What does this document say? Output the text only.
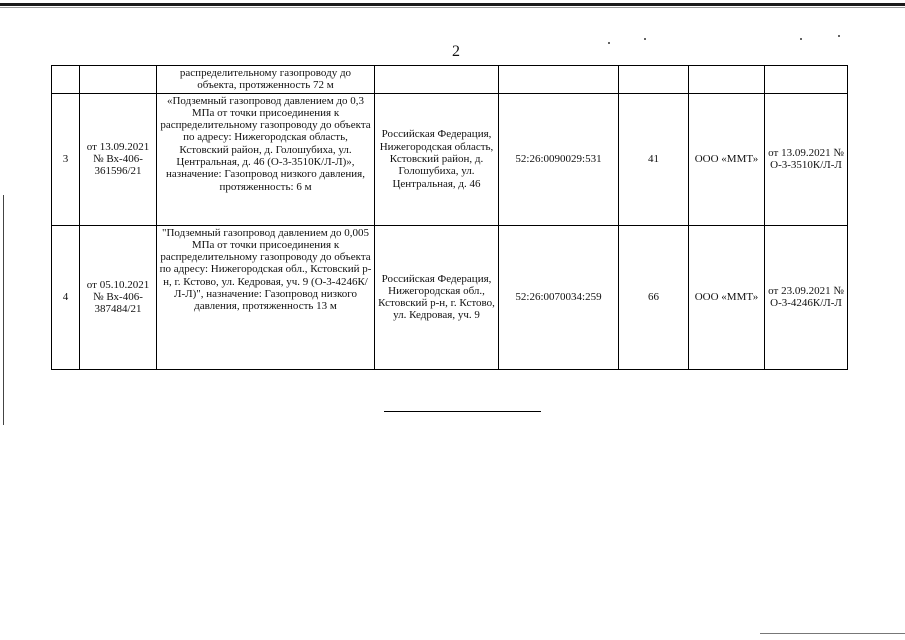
2
		распределительному газопроводу до объекта, протяженность 72 м					
3	от 13.09.2021 № Вх-406-361596/21	«Подземный газопровод давлением до 0,3 МПа от точки присоединения к распределительному газопроводу до объекта по адресу: Нижегородская область, Кстовский район, д. Голошубиха, ул. Центральная, д. 46 (О-3-3510К/Л-Л)», назначение: Газопровод низкого давления, протяженность: 6 м	Российская Федерация, Нижегородская область, Кстовский район, д. Голошубиха, ул. Центральная, д. 46	52:26:0090029:531	41	ООО «ММТ»	от 13.09.2021 № О-3-3510К/Л-Л
4	от 05.10.2021 № Вх-406-387484/21	"Подземный газопровод давлением до 0,005 МПа от точки присоединения к распределительному газопроводу до объекта по адресу: Нижегородская обл., Кстовский р-н, г. Кстово, ул. Кедровая, уч. 9 (О-3-4246К/Л-Л)", назначение: Газопровод низкого давления, протяженность 13 м	Российская Федерация, Нижегородская обл., Кстовский р-н, г. Кстово, ул. Кедровая, уч. 9	52:26:0070034:259	66	ООО «ММТ»	от 23.09.2021 № О-3-4246К/Л-Л
